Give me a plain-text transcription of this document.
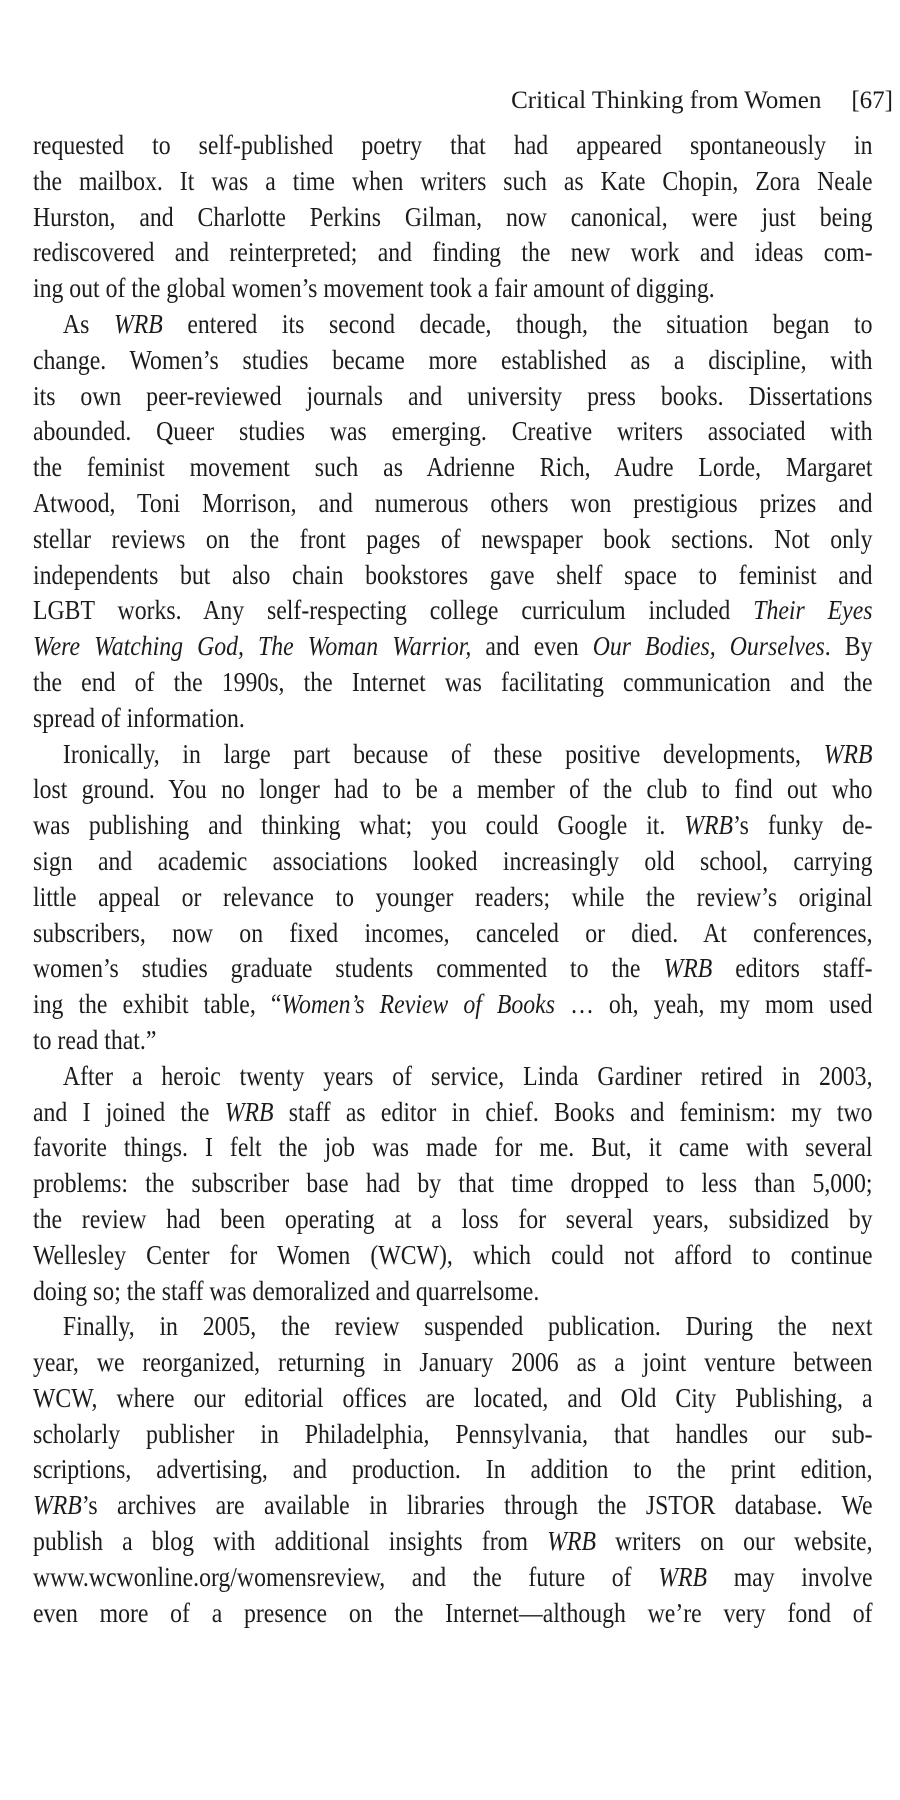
Critical Thinking from Women [67]
requested to self-published poetry that had appeared spontaneously in
the mailbox. It was a time when writers such as Kate Chopin, Zora Neale
Hurston, and Charlotte Perkins Gilman, now canonical, were just being
rediscovered and reinterpreted; and finding the new work and ideas com-
ing out of the global women’s movement took a fair amount of digging.
As WRB entered its second decade, though, the situation began to
change. Women’s studies became more established as a discipline, with
its own peer-reviewed journals and university press books. Dissertations
abounded. Queer studies was emerging. Creative writers associated with
the feminist movement such as Adrienne Rich, Audre Lorde, Margaret
Atwood, Toni Morrison, and numerous others won prestigious prizes and
stellar reviews on the front pages of newspaper book sections. Not only
independents but also chain bookstores gave shelf space to feminist and
LGBT works. Any self-respecting college curriculum included Their Eyes
Were Watching God, The Woman Warrior, and even Our Bodies, Ourselves. By
the end of the 1990s, the Internet was facilitating communication and the
spread of information.
Ironically, in large part because of these positive developments, WRB
lost ground. You no longer had to be a member of the club to find out who
was publishing and thinking what; you could Google it. WRB’s funky de-
sign and academic associations looked increasingly old school, carrying
little appeal or relevance to younger readers; while the review’s original
subscribers, now on fixed incomes, canceled or died. At conferences,
women’s studies graduate students commented to the WRB editors staff-
ing the exhibit table, “Women’s Review of Books … oh, yeah, my mom used
to read that.”
After a heroic twenty years of service, Linda Gardiner retired in 2003,
and I joined the WRB staff as editor in chief. Books and feminism: my two
favorite things. I felt the job was made for me. But, it came with several
problems: the subscriber base had by that time dropped to less than 5,000;
the review had been operating at a loss for several years, subsidized by
Wellesley Center for Women (WCW), which could not afford to continue
doing so; the staff was demoralized and quarrelsome.
Finally, in 2005, the review suspended publication. During the next
year, we reorganized, returning in January 2006 as a joint venture between
WCW, where our editorial offices are located, and Old City Publishing, a
scholarly publisher in Philadelphia, Pennsylvania, that handles our sub-
scriptions, advertising, and production. In addition to the print edition,
WRB’s archives are available in libraries through the JSTOR database. We
publish a blog with additional insights from WRB writers on our website,
www.wcwonline.org/womensreview, and the future of WRB may involve
even more of a presence on the Internet—although we’re very fond of
